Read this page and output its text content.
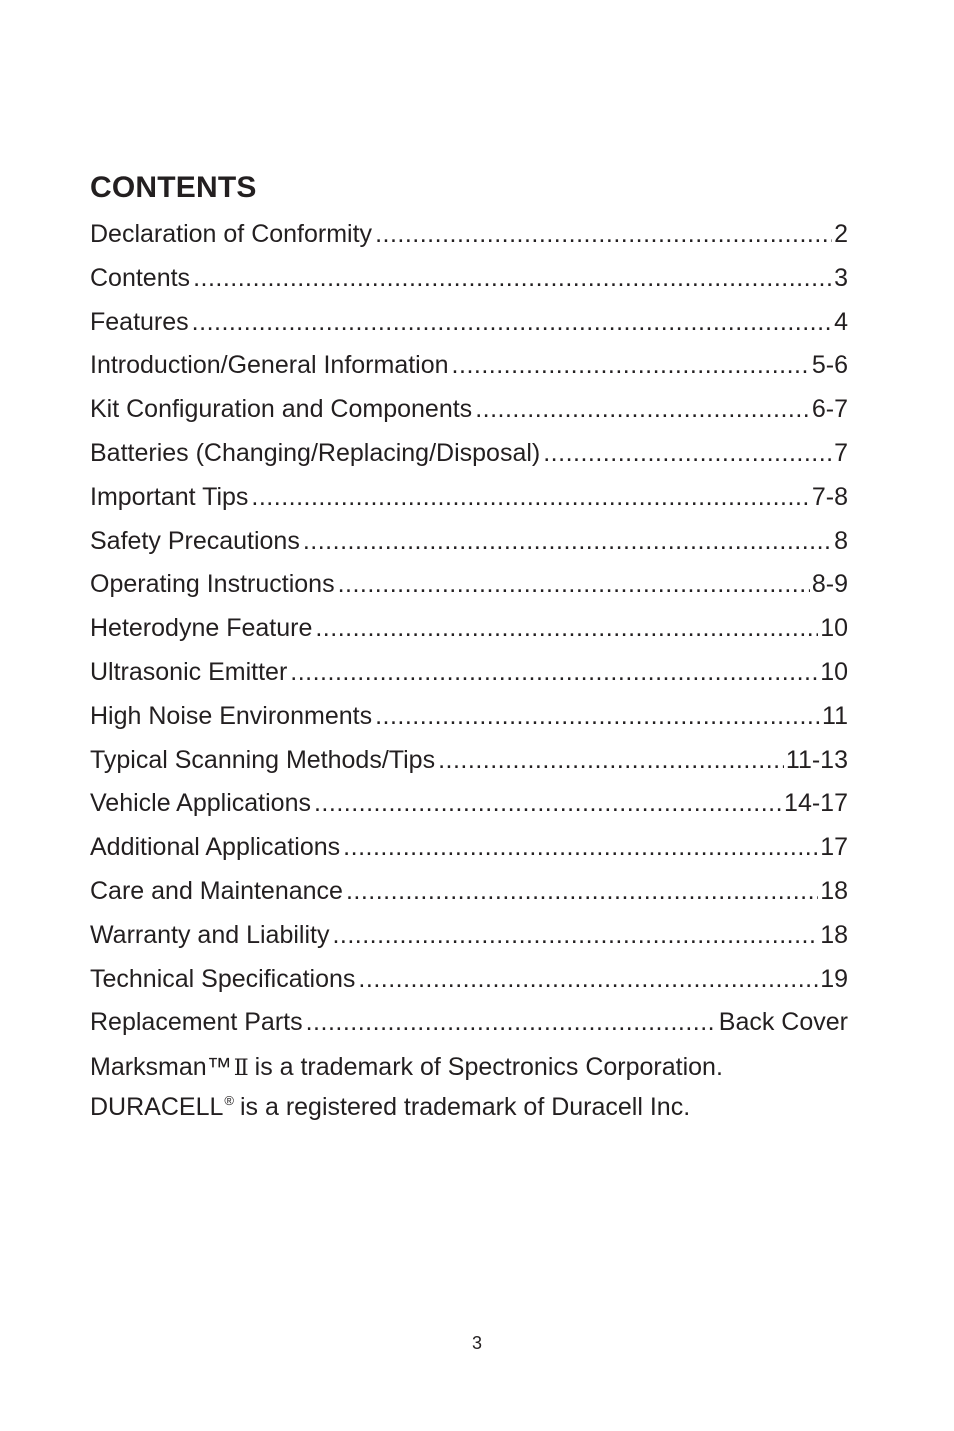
CONTENTS
Declaration of Conformity .....	2
Contents .....	3
Features .....	4
Introduction/General Information .....	5-6
Kit Configuration and Components .....	6-7
Batteries (Changing/Replacing/Disposal) .....	7
Important Tips .....	7-8
Safety Precautions .....	8
Operating Instructions .....	8-9
Heterodyne Feature .....	10
Ultrasonic Emitter .....	10
High Noise Environments .....	11
Typical Scanning Methods/Tips .....	11-13
Vehicle Applications .....	14-17
Additional Applications .....	17
Care and Maintenance .....	18
Warranty and Liability .....	18
Technical Specifications .....	19
Replacement Parts .....	Back Cover

Marksman™Ⅱ is a trademark of Spectronics Corporation.

DURACELL® is a registered trademark of Duracell Inc.

3
